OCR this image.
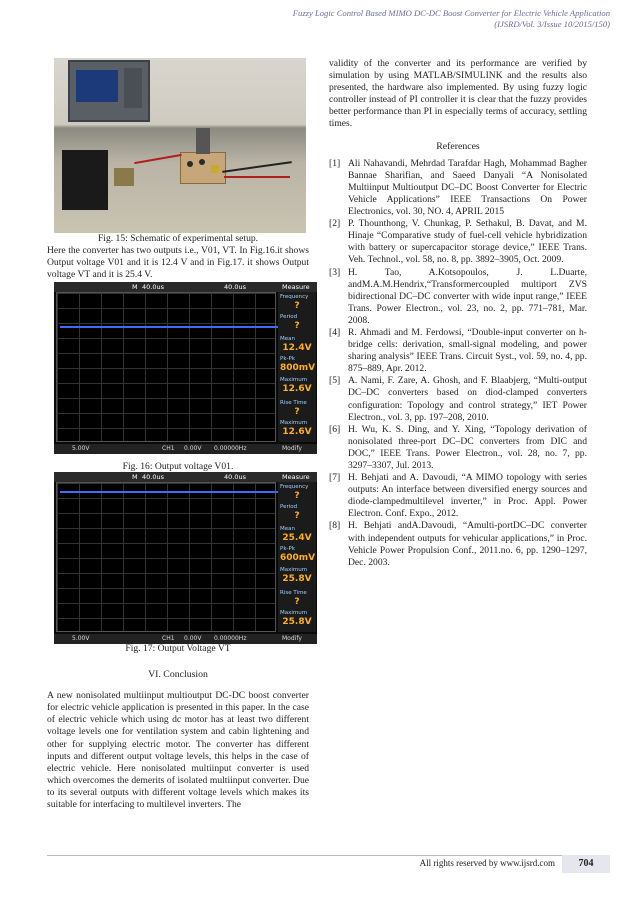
Fuzzy Logic Control Based MIMO DC-DC Boost Converter for Electric Vehicle Application
(IJSRD/Vol. 3/Issue 10/2015/150)
Fig. 15: Schematic of experimental setup.
Here the converter has two outputs i.e., V01, VT. In Fig.16.it shows Output voltage V01 and it is 12.4 V and in Fig.17. it shows Output voltage VT and it is 25.4 V.
M 40.0us	40.0us	Measure
Frequency
?
Period
?
Mean
12.4V
Pk-Pk
800mV
Maximum
12.6V
Rise Time
?
Maximum
12.6V
5.00V	CH1 0.00V 0.00000Hz	Modify
Fig. 16: Output voltage V01.
M 40.0us	40.0us	Measure
Frequency
?
Period
?
Mean
25.4V
Pk-Pk
600mV
Maximum
25.8V
Rise Time
?
Maximum
25.8V
5.00V	CH1 0.00V 0.00000Hz	Modify
Fig. 17: Output Voltage VT
VI. Conclusion
A new nonisolated multiinput multioutput DC-DC boost converter for electric vehicle application is presented in this paper. In the case of electric vehicle which using dc motor has at least two different voltage levels one for ventilation system and cabin lightening and other for supplying electric motor. The converter has different inputs and different output voltage levels, this helps in the case of electric vehicle. Here nonisolated multiinput converter is used which overcomes the demerits of isolated multiinput converter. Due to its several outputs with different voltage levels which makes its suitable for interfacing to multilevel inverters. The
validity of the converter and its performance are verified by simulation by using MATLAB/SIMULINK and the results also presented, the hardware also implemented. By using fuzzy logic controller instead of PI controller it is clear that the fuzzy provides better performance than PI in especially terms of accuracy, settling times.
References
[1] Ali Nahavandi, Mehrdad Tarafdar Hagh, Mohammad Bagher Bannae Sharifian, and Saeed Danyali “A Nonisolated Multiinput Multioutput DC–DC Boost Converter for Electric Vehicle Applications” IEEE Transactions On Power Electronics, vol. 30, NO. 4, APRIL 2015
[2] P. Thounthong, V. Chunkag, P. Sethakul, B. Davat, and M. Hinaje “Comparative study of fuel-cell vehicle hybridization with battery or supercapacitor storage device,” IEEE Trans. Veh. Technol., vol. 58, no. 8, pp. 3892–3905, Oct. 2009.
[3] H. Tao, A.Kotsopoulos, J. L.Duarte, andM.A.M.Hendrix,“Transformercoupled multiport ZVS bidirectional DC–DC converter with wide input range,” IEEE Trans. Power Electron., vol. 23, no. 2, pp. 771–781, Mar. 2008.
[4] R. Ahmadi and M. Ferdowsi, “Double-input converter on h-bridge cells: derivation, small-signal modeling, and power sharing analysis” IEEE Trans. Circuit Syst., vol. 59, no. 4, pp. 875–889, Apr. 2012.
[5] A. Nami, F. Zare, A. Ghosh, and F. Blaabjerg, “Multi-output DC–DC converters based on diod-clamped converters configuration: Topology and control strategy,” IET Power Electron., vol. 3, pp. 197–208, 2010.
[6] H. Wu, K. S. Ding, and Y. Xing, “Topology derivation of nonisolated three-port DC–DC converters from DIC and DOC,” IEEE Trans. Power Electron., vol. 28, no. 7, pp. 3297–3307, Jul. 2013.
[7] H. Behjati and A. Davoudi, “A MIMO topology with series outputs: An interface between diversified energy sources and diode-clampedmultilevel inverter,” in Proc. Appl. Power Electron. Conf. Expo., 2012.
[8] H. Behjati andA.Davoudi, “Amulti-portDC–DC converter with independent outputs for vehicular applications,” in Proc. Vehicle Power Propulsion Conf., 2011.no. 6, pp. 1290–1297, Dec. 2003.
All rights reserved by www.ijsrd.com	704
